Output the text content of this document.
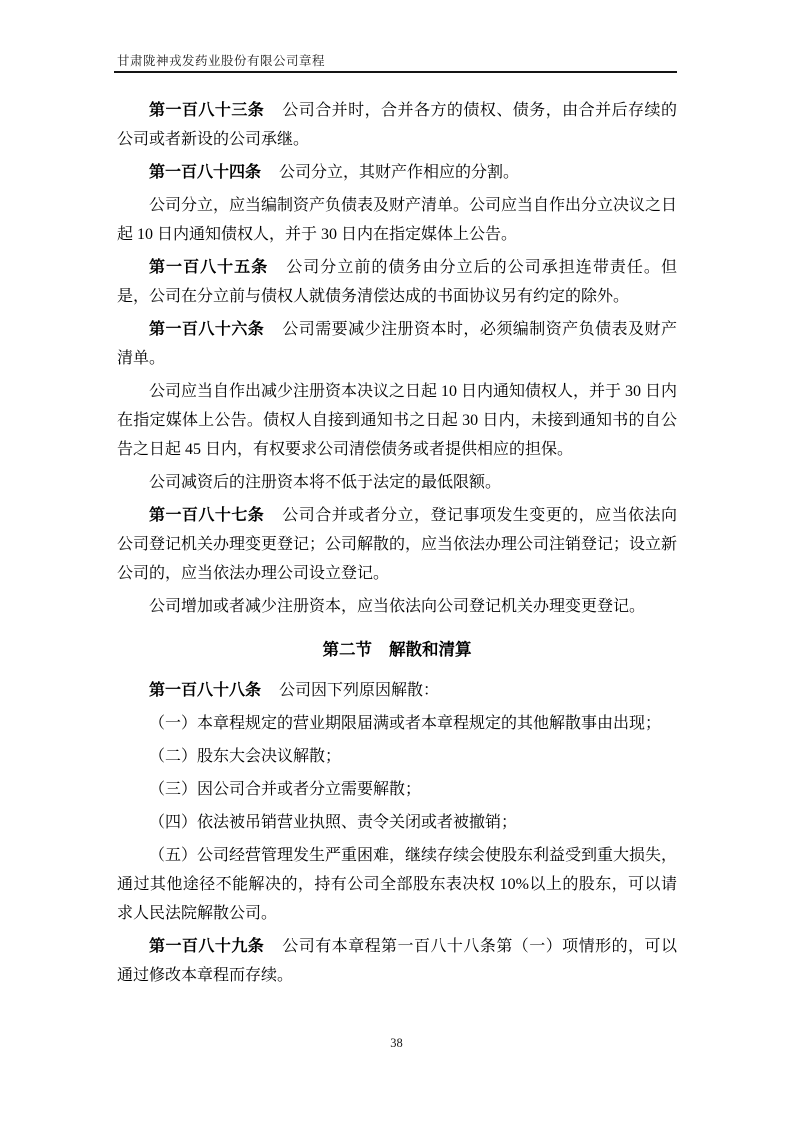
甘肃陇神戎发药业股份有限公司章程

第一百八十三条 公司合并时，合并各方的债权、债务，由合并后存续的公司或者新设的公司承继。

第一百八十四条 公司分立，其财产作相应的分割。

公司分立，应当编制资产负债表及财产清单。公司应当自作出分立决议之日起 10 日内通知债权人，并于 30 日内在指定媒体上公告。

第一百八十五条 公司分立前的债务由分立后的公司承担连带责任。但是，公司在分立前与债权人就债务清偿达成的书面协议另有约定的除外。

第一百八十六条 公司需要减少注册资本时，必须编制资产负债表及财产清单。

公司应当自作出减少注册资本决议之日起 10 日内通知债权人，并于 30 日内在指定媒体上公告。债权人自接到通知书之日起 30 日内，未接到通知书的自公告之日起 45 日内，有权要求公司清偿债务或者提供相应的担保。

公司减资后的注册资本将不低于法定的最低限额。

第一百八十七条 公司合并或者分立，登记事项发生变更的，应当依法向公司登记机关办理变更登记；公司解散的，应当依法办理公司注销登记；设立新公司的，应当依法办理公司设立登记。

公司增加或者减少注册资本，应当依法向公司登记机关办理变更登记。

第二节 解散和清算

第一百八十八条 公司因下列原因解散：

（一）本章程规定的营业期限届满或者本章程规定的其他解散事由出现；

（二）股东大会决议解散；

（三）因公司合并或者分立需要解散；

（四）依法被吊销营业执照、责令关闭或者被撤销；

（五）公司经营管理发生严重困难，继续存续会使股东利益受到重大损失，通过其他途径不能解决的，持有公司全部股东表决权 10%以上的股东，可以请求人民法院解散公司。

第一百八十九条 公司有本章程第一百八十八条第（一）项情形的，可以通过修改本章程而存续。

38
